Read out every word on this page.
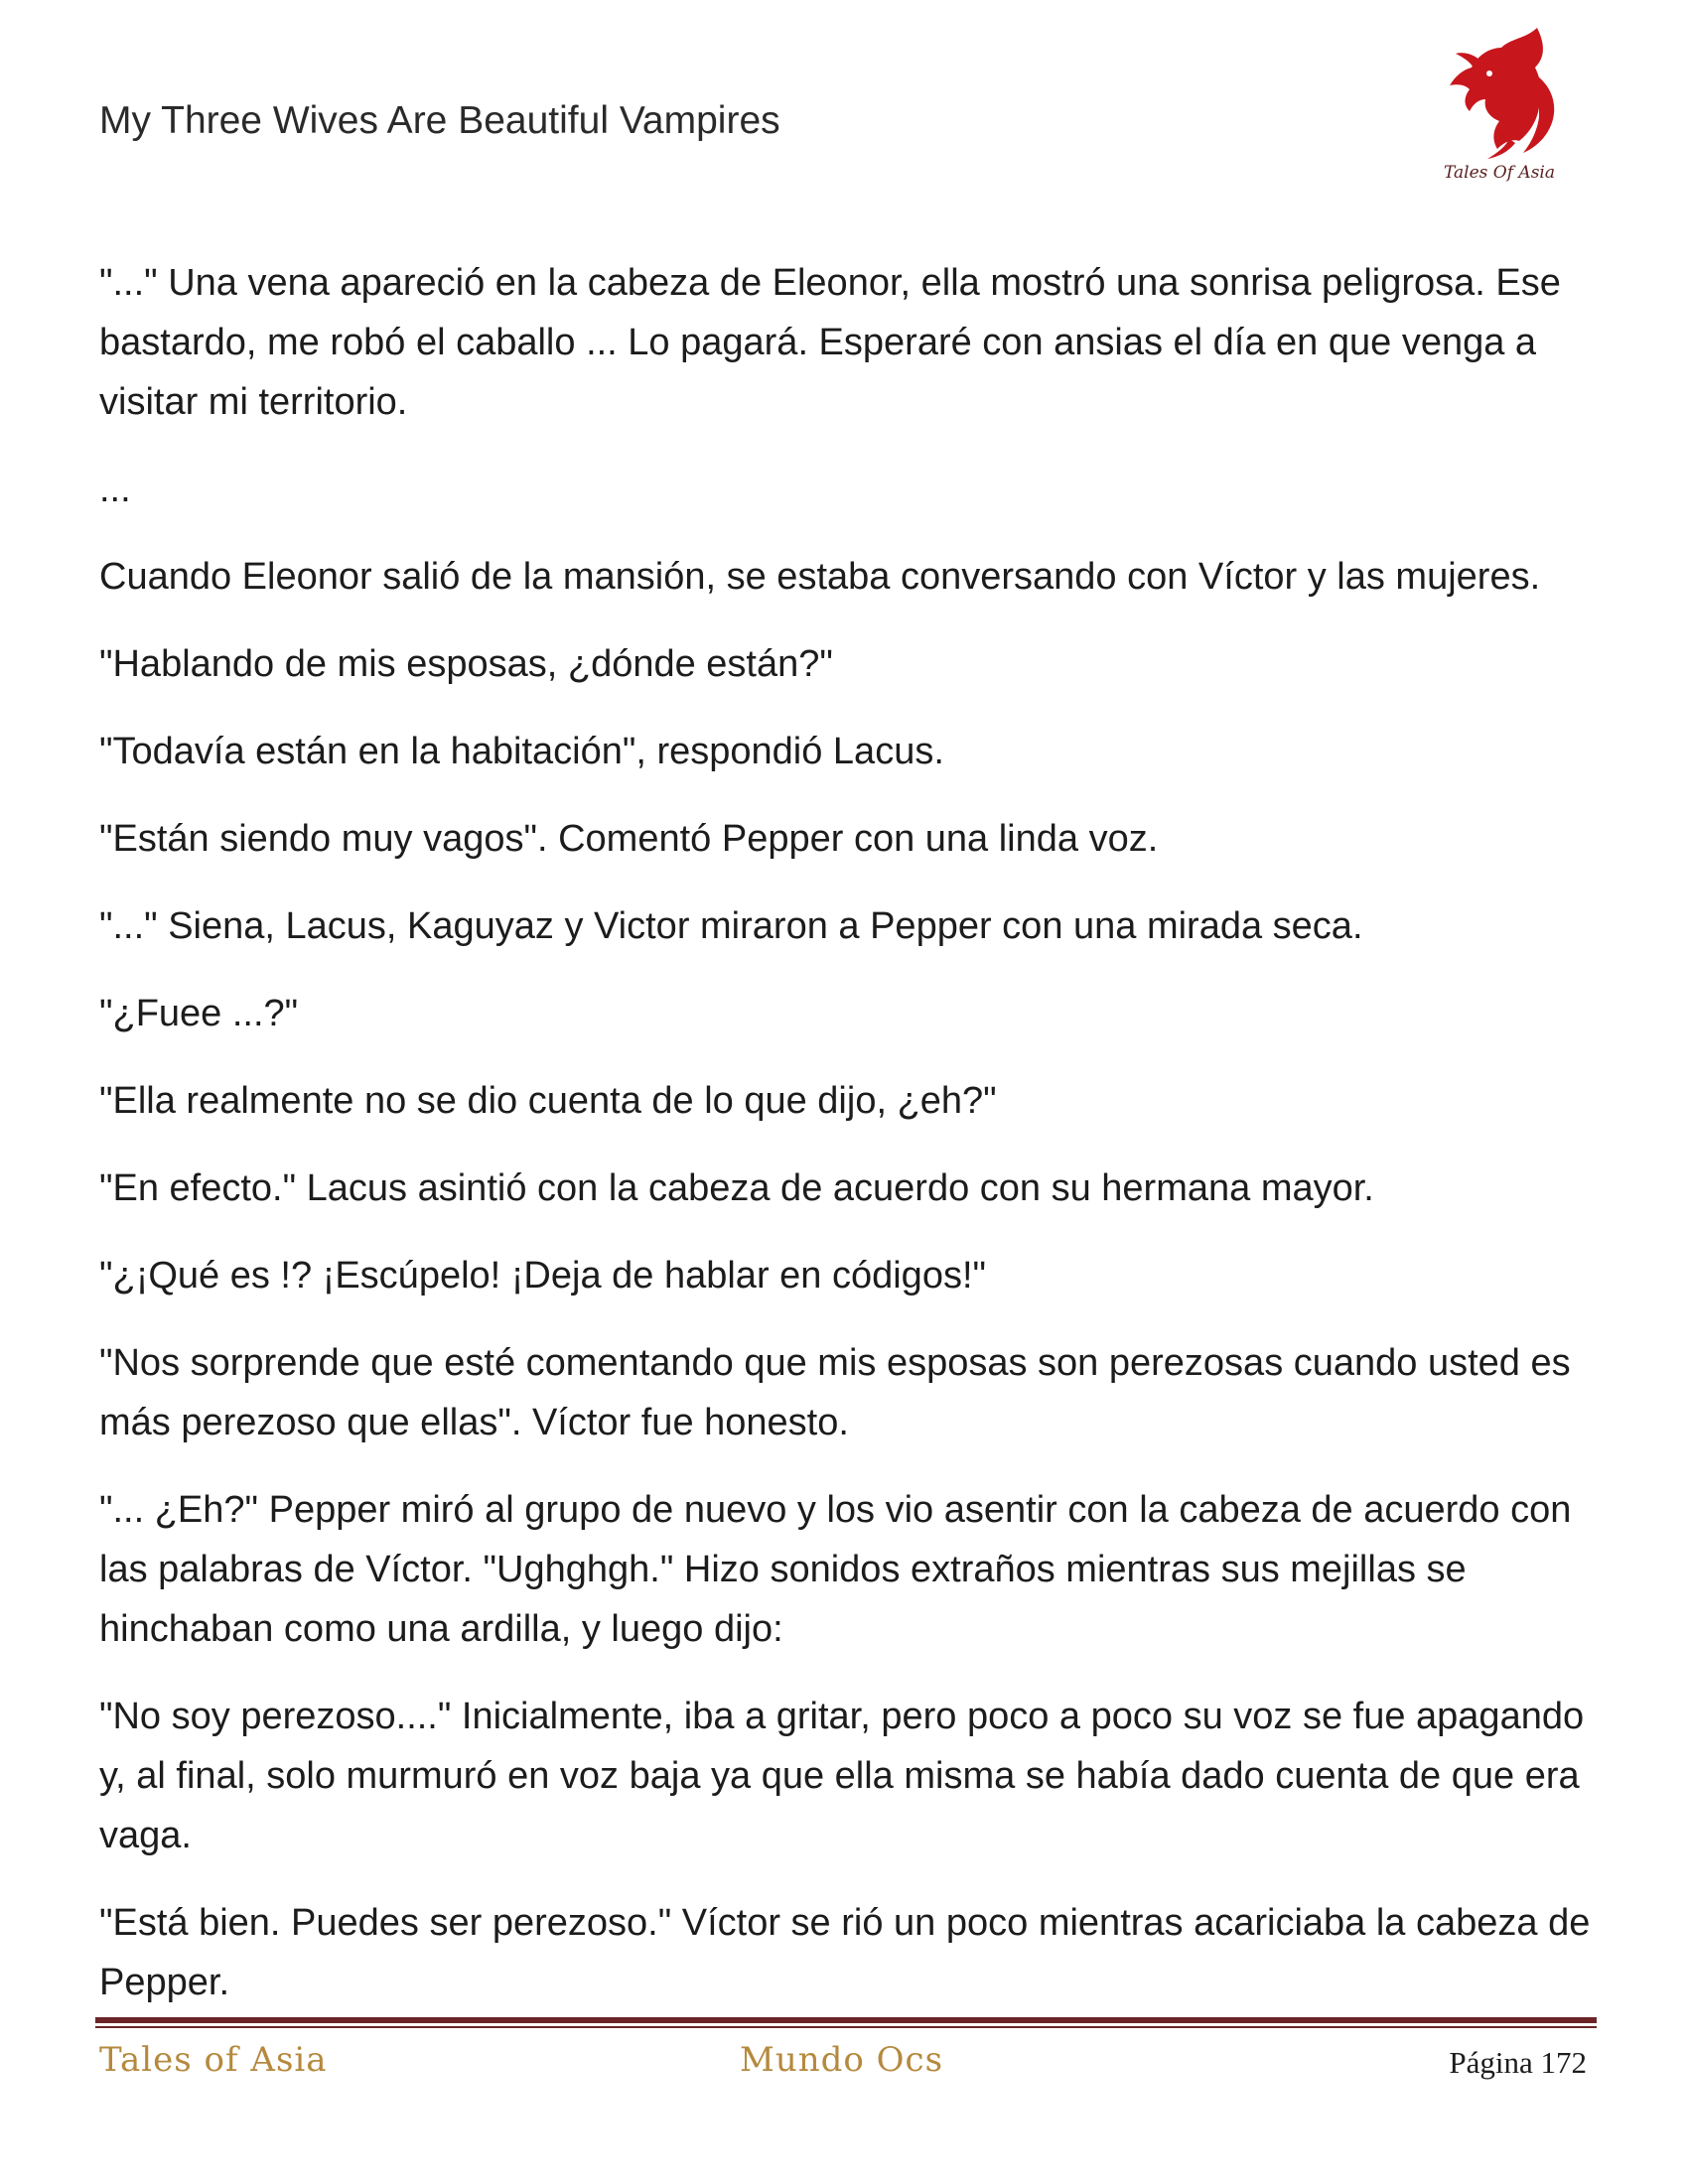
My Three Wives Are Beautiful Vampires
Tales Of Asia

"..." Una vena apareció en la cabeza de Eleonor, ella mostró una sonrisa peligrosa. Ese bastardo, me robó el caballo ... Lo pagará. Esperaré con ansias el día en que venga a visitar mi territorio.

...

Cuando Eleonor salió de la mansión, se estaba conversando con Víctor y las mujeres.

"Hablando de mis esposas, ¿dónde están?"

"Todavía están en la habitación", respondió Lacus.

"Están siendo muy vagos". Comentó Pepper con una linda voz.

"..." Siena, Lacus, Kaguyaz y Victor miraron a Pepper con una mirada seca.

"¿Fuee ...?"

"Ella realmente no se dio cuenta de lo que dijo, ¿eh?"

"En efecto." Lacus asintió con la cabeza de acuerdo con su hermana mayor.

"¿¡Qué es !? ¡Escúpelo! ¡Deja de hablar en códigos!"

"Nos sorprende que esté comentando que mis esposas son perezosas cuando usted es más perezoso que ellas". Víctor fue honesto.

"... ¿Eh?" Pepper miró al grupo de nuevo y los vio asentir con la cabeza de acuerdo con las palabras de Víctor. "Ughghgh." Hizo sonidos extraños mientras sus mejillas se hinchaban como una ardilla, y luego dijo:

"No soy perezoso...." Inicialmente, iba a gritar, pero poco a poco su voz se fue apagando y, al final, solo murmuró en voz baja ya que ella misma se había dado cuenta de que era vaga.

"Está bien. Puedes ser perezoso." Víctor se rió un poco mientras acariciaba la cabeza de Pepper.

Tales of Asia	Mundo Ocs	Página 172
